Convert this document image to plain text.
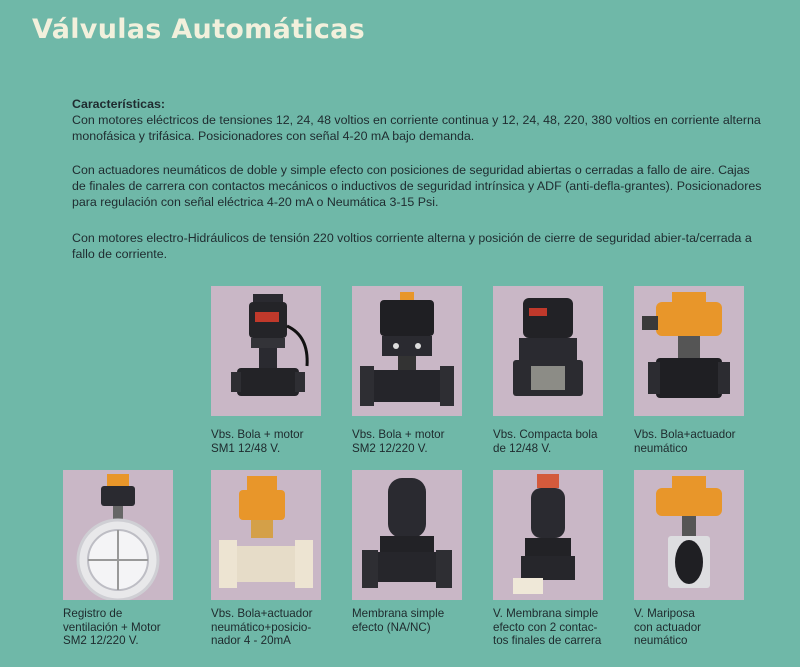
Válvulas Automáticas
Características:
Con motores eléctricos de tensiones 12, 24, 48 voltios en corriente continua y 12, 24, 48, 220, 380 voltios en corriente alterna monofásica y trifásica. Posicionadores con señal 4-20 mA bajo demanda.
Con actuadores neumáticos de doble y simple efecto con posiciones de seguridad abiertas o cerradas a fallo de aire. Cajas de finales de carrera con contactos mecánicos o inductivos de seguridad intrínsica y ADF (anti-defla-grantes). Posicionadores para regulación con señal eléctrica 4-20 mA o Neumática 3-15 Psi.
Con motores electro-Hidráulicos de tensión 220 voltios corriente alterna y posición de cierre de seguridad abier-ta/cerrada a fallo de corriente.
Vbs. Bola + motor
SM1 12/48 V.
Vbs. Bola + motor
SM2 12/220 V.
Vbs. Compacta bola
de 12/48 V.
Vbs. Bola+actuador
neumático
Registro de
ventilación + Motor
SM2 12/220 V.
Vbs. Bola+actuador
neumático+posicio-
nador 4 - 20mA
Membrana simple
efecto (NA/NC)
V. Membrana simple
efecto con 2 contac-
tos finales de carrera
V. Mariposa
con actuador
neumático
